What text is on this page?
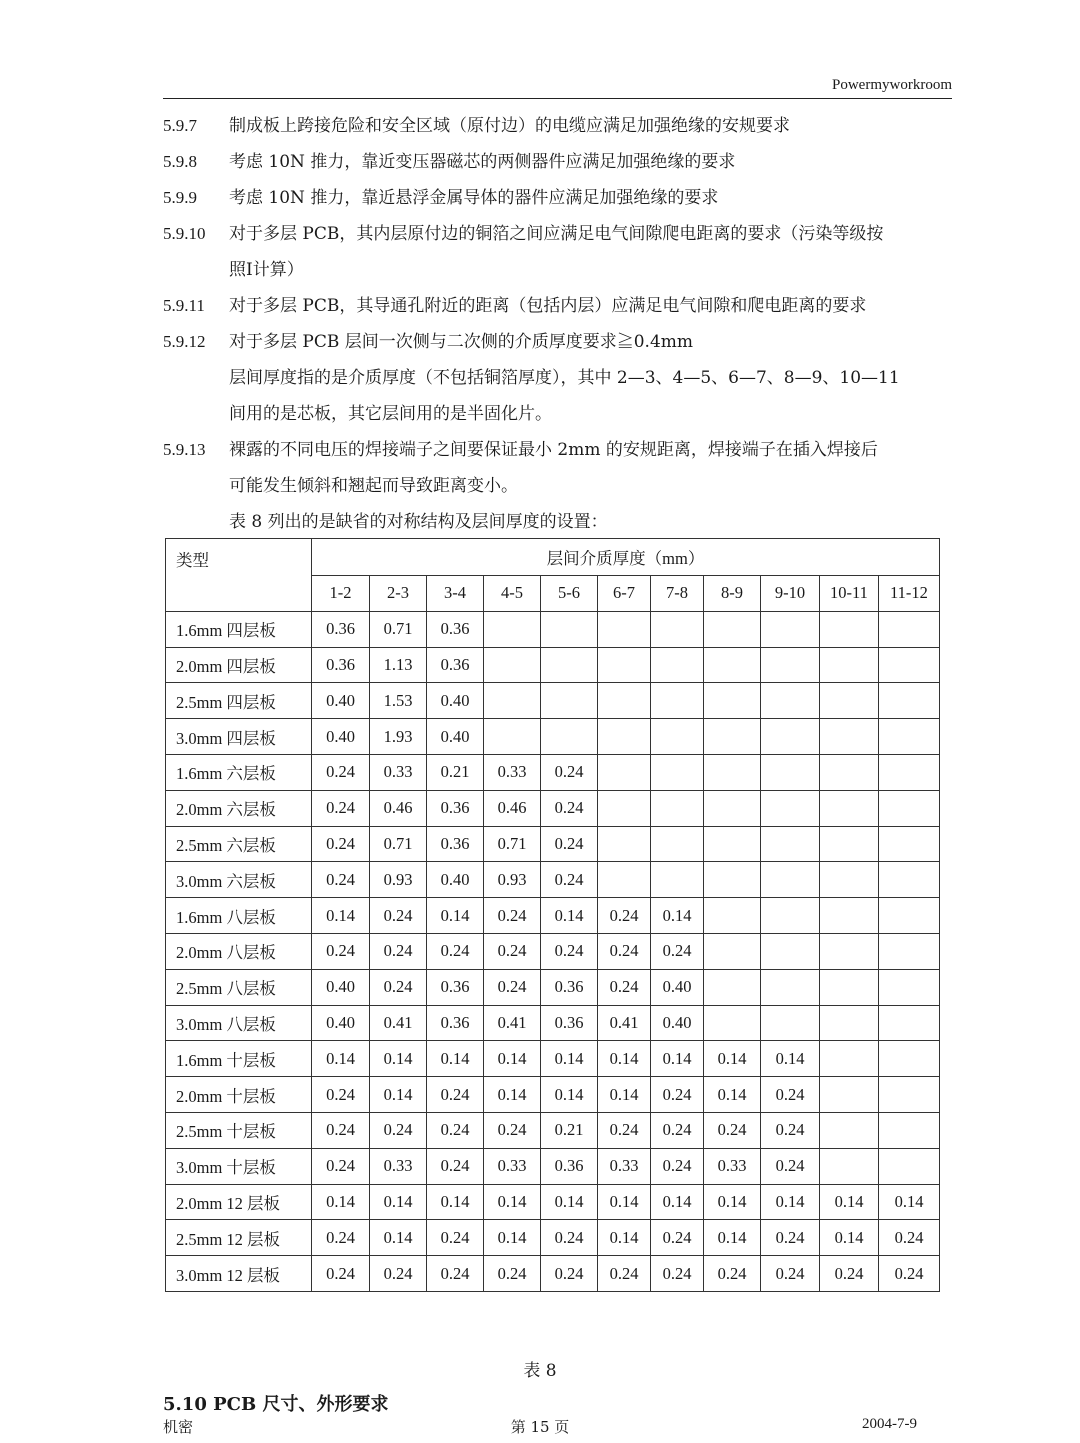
Powermyworkroom
5.9.7	制成板上跨接危险和安全区域（原付边）的电缆应满足加强绝缘的安规要求
5.9.8	考虑 10N 推力，靠近变压器磁芯的两侧器件应满足加强绝缘的要求
5.9.9	考虑 10N 推力，靠近悬浮金属导体的器件应满足加强绝缘的要求
5.9.10	对于多层 PCB，其内层原付边的铜箔之间应满足电气间隙爬电距离的要求（污染等级按
照Ⅰ计算）
5.9.11	对于多层 PCB，其导通孔附近的距离（包括内层）应满足电气间隙和爬电距离的要求
5.9.12	对于多层 PCB 层间一次侧与二次侧的介质厚度要求≧0.4mm
层间厚度指的是介质厚度（不包括铜箔厚度），其中 2—3、4—5、6—7、8—9、10—11
间用的是芯板，其它层间用的是半固化片。
5.9.13	裸露的不同电压的焊接端子之间要保证最小 2mm 的安规距离，焊接端子在插入焊接后
可能发生倾斜和翘起而导致距离变小。
表 8 列出的是缺省的对称结构及层间厚度的设置：
类型	层间介质厚度（mm）										
	1-2	2-3	3-4	4-5	5-6	6-7	7-8	8-9	9-10	10-11	11-12
1.6mm 四层板	0.36	0.71	0.36								
2.0mm 四层板	0.36	1.13	0.36								
2.5mm 四层板	0.40	1.53	0.40								
3.0mm 四层板	0.40	1.93	0.40								
1.6mm 六层板	0.24	0.33	0.21	0.33	0.24						
2.0mm 六层板	0.24	0.46	0.36	0.46	0.24						
2.5mm 六层板	0.24	0.71	0.36	0.71	0.24						
3.0mm 六层板	0.24	0.93	0.40	0.93	0.24						
1.6mm 八层板	0.14	0.24	0.14	0.24	0.14	0.24	0.14				
2.0mm 八层板	0.24	0.24	0.24	0.24	0.24	0.24	0.24				
2.5mm 八层板	0.40	0.24	0.36	0.24	0.36	0.24	0.40				
3.0mm 八层板	0.40	0.41	0.36	0.41	0.36	0.41	0.40				
1.6mm 十层板	0.14	0.14	0.14	0.14	0.14	0.14	0.14	0.14	0.14		
2.0mm 十层板	0.24	0.14	0.24	0.14	0.14	0.14	0.24	0.14	0.24		
2.5mm 十层板	0.24	0.24	0.24	0.24	0.21	0.24	0.24	0.24	0.24		
3.0mm 十层板	0.24	0.33	0.24	0.33	0.36	0.33	0.24	0.33	0.24		
2.0mm 12 层板	0.14	0.14	0.14	0.14	0.14	0.14	0.14	0.14	0.14	0.14	0.14
2.5mm 12 层板	0.24	0.14	0.24	0.14	0.24	0.14	0.24	0.14	0.24	0.14	0.24
3.0mm 12 层板	0.24	0.24	0.24	0.24	0.24	0.24	0.24	0.24	0.24	0.24	0.24
表 8
5.10 PCB 尺寸、外形要求
机密	第 15 页	2004-7-9
